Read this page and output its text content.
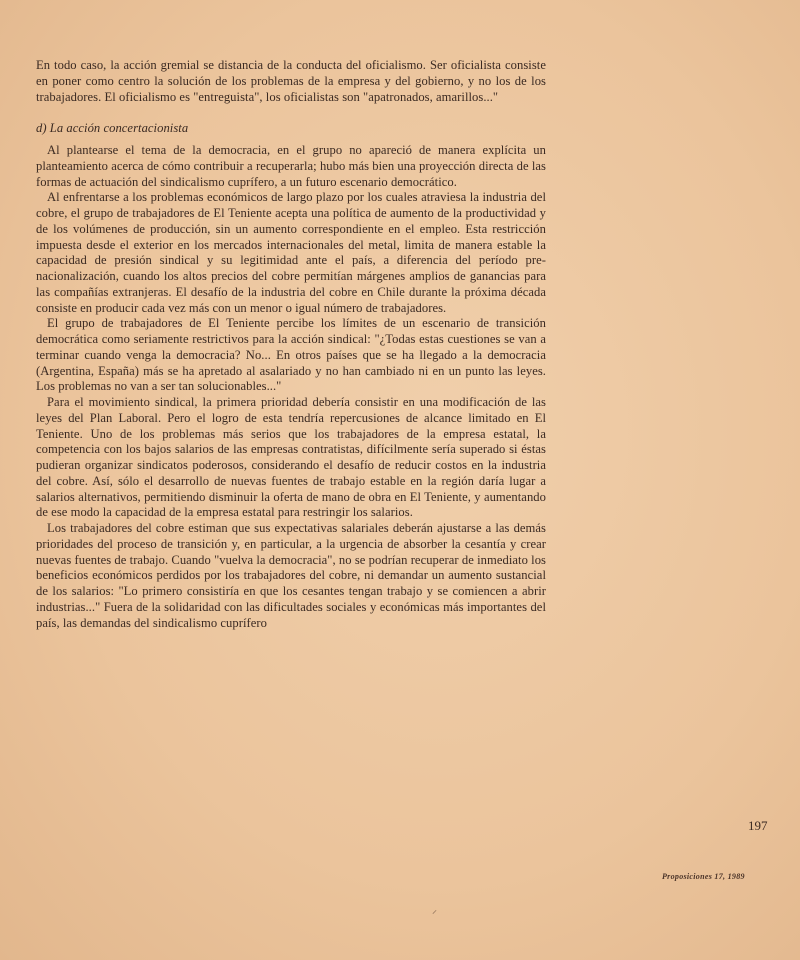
En todo caso, la acción gremial se distancia de la conducta del oficialismo. Ser oficialista consiste en poner como centro la solución de los problemas de la empresa y del gobierno, y no los de los trabajadores. El oficialismo es "entreguista", los oficialistas son "apatronados, amarillos..."

d) La acción concertacionista

Al plantearse el tema de la democracia, en el grupo no apareció de manera explícita un planteamiento acerca de cómo contribuir a recuperarla; hubo más bien una proyección directa de las formas de actuación del sindicalismo cuprífero, a un futuro escenario democrático.

Al enfrentarse a los problemas económicos de largo plazo por los cuales atraviesa la industria del cobre, el grupo de trabajadores de El Teniente acepta una política de aumento de la productividad y de los volúmenes de producción, sin un aumento correspondiente en el empleo. Esta restricción impuesta desde el exterior en los mercados internacionales del metal, limita de manera estable la capacidad de presión sindical y su legitimidad ante el país, a diferencia del período pre-nacionalización, cuando los altos precios del cobre permitían márgenes amplios de ganancias para las compañías extranjeras. El desafío de la industria del cobre en Chile durante la próxima década consiste en producir cada vez más con un menor o igual número de trabajadores.

El grupo de trabajadores de El Teniente percibe los límites de un escenario de transición democrática como seriamente restrictivos para la acción sindical: "¿Todas estas cuestiones se van a terminar cuando venga la democracia? No... En otros países que se ha llegado a la democracia (Argentina, España) más se ha apretado al asalariado y no han cambiado ni en un punto las leyes. Los problemas no van a ser tan solucionables..."

Para el movimiento sindical, la primera prioridad debería consistir en una modificación de las leyes del Plan Laboral. Pero el logro de esta tendría repercusiones de alcance limitado en El Teniente. Uno de los problemas más serios que los trabajadores de la empresa estatal, la competencia con los bajos salarios de las empresas contratistas, difícilmente sería superado si éstas pudieran organizar sindicatos poderosos, considerando el desafío de reducir costos en la industria del cobre. Así, sólo el desarrollo de nuevas fuentes de trabajo estable en la región daría lugar a salarios alternativos, permitiendo disminuir la oferta de mano de obra en El Teniente, y aumentando de ese modo la capacidad de la empresa estatal para restringir los salarios.

Los trabajadores del cobre estiman que sus expectativas salariales deberán ajustarse a las demás prioridades del proceso de transición y, en particular, a la urgencia de absorber la cesantía y crear nuevas fuentes de trabajo. Cuando "vuelva la democracia", no se podrían recuperar de inmediato los beneficios económicos perdidos por los trabajadores del cobre, ni demandar un aumento sustancial de los salarios: "Lo primero consistiría en que los cesantes tengan trabajo y se comiencen a abrir industrias..." Fuera de la solidaridad con las dificultades sociales y económicas más importantes del país, las demandas del sindicalismo cuprífero

197
Proposiciones 17, 1989
⸝
